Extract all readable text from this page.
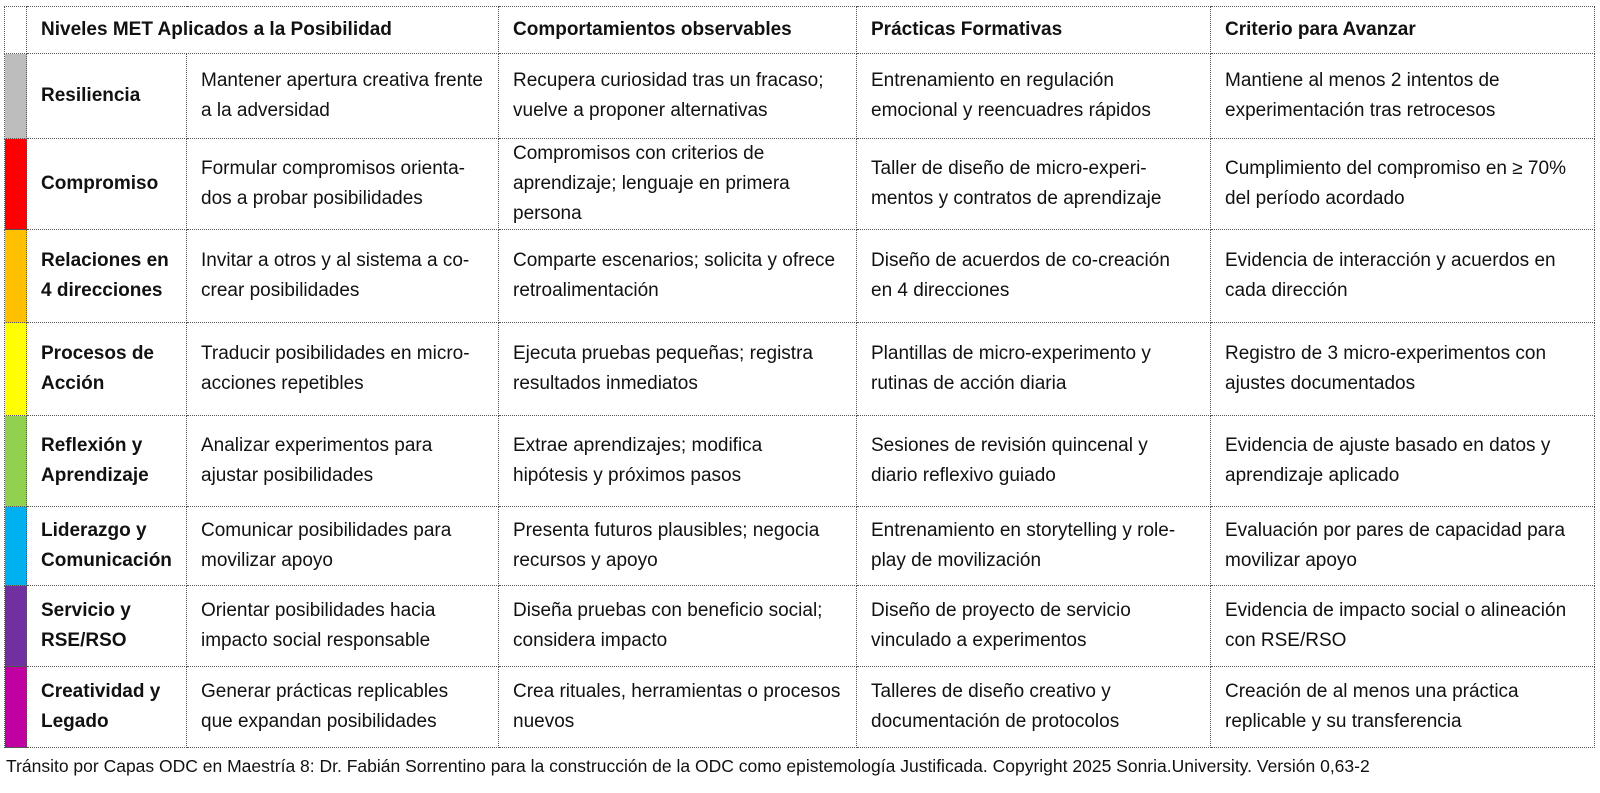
	Niveles MET Aplicados a la Posibilidad		Comportamientos observables	Prácticas Formativas	Criterio para Avanzar
	Resiliencia	Mantener apertura creativa frente a la adversidad	Recupera curiosidad tras un fracaso; vuelve a proponer alternativas	Entrenamiento en regulación emocional y reencuadres rápidos	Mantiene al menos 2 intentos de experimentación tras retrocesos
	Compromiso	Formular compromisos orienta-dos a probar posibilidades	Compromisos con criterios de aprendizaje; lenguaje en primera persona	Taller de diseño de micro-experi-mentos y contratos de aprendizaje	Cumplimiento del compromiso en ≥ 70% del período acordado
	Relaciones en 4 direcciones	Invitar a otros y al sistema a co-crear posibilidades	Comparte escenarios; solicita y ofrece retroalimentación	Diseño de acuerdos de co-creación en 4 direcciones	Evidencia de interacción y acuerdos en cada dirección
	Procesos de Acción	Traducir posibilidades en micro-acciones repetibles	Ejecuta pruebas pequeñas; registra resultados inmediatos	Plantillas de micro-experimento y rutinas de acción diaria	Registro de 3 micro-experimentos con ajustes documentados
	Reflexión y Aprendizaje	Analizar experimentos para ajustar posibilidades	Extrae aprendizajes; modifica hipótesis y próximos pasos	Sesiones de revisión quincenal y diario reflexivo guiado	Evidencia de ajuste basado en datos y aprendizaje aplicado
	Liderazgo y Comunicación	Comunicar posibilidades para movilizar apoyo	Presenta futuros plausibles; negocia recursos y apoyo	Entrenamiento en storytelling y role-play de movilización	Evaluación por pares de capacidad para movilizar apoyo
	Servicio y RSE/RSO	Orientar posibilidades hacia impacto social responsable	Diseña pruebas con beneficio social; considera impacto	Diseño de proyecto de servicio vinculado a experimentos	Evidencia de impacto social o alineación con RSE/RSO
	Creatividad y Legado	Generar prácticas replicables que expandan posibilidades	Crea rituales, herramientas o procesos nuevos	Talleres de diseño creativo y documentación de protocolos	Creación de al menos una práctica replicable y su transferencia
Tránsito por Capas ODC en Maestría 8: Dr. Fabián Sorrentino para la construcción de la ODC como epistemología Justificada. Copyright 2025 Sonria.University. Versión 0,63-2
